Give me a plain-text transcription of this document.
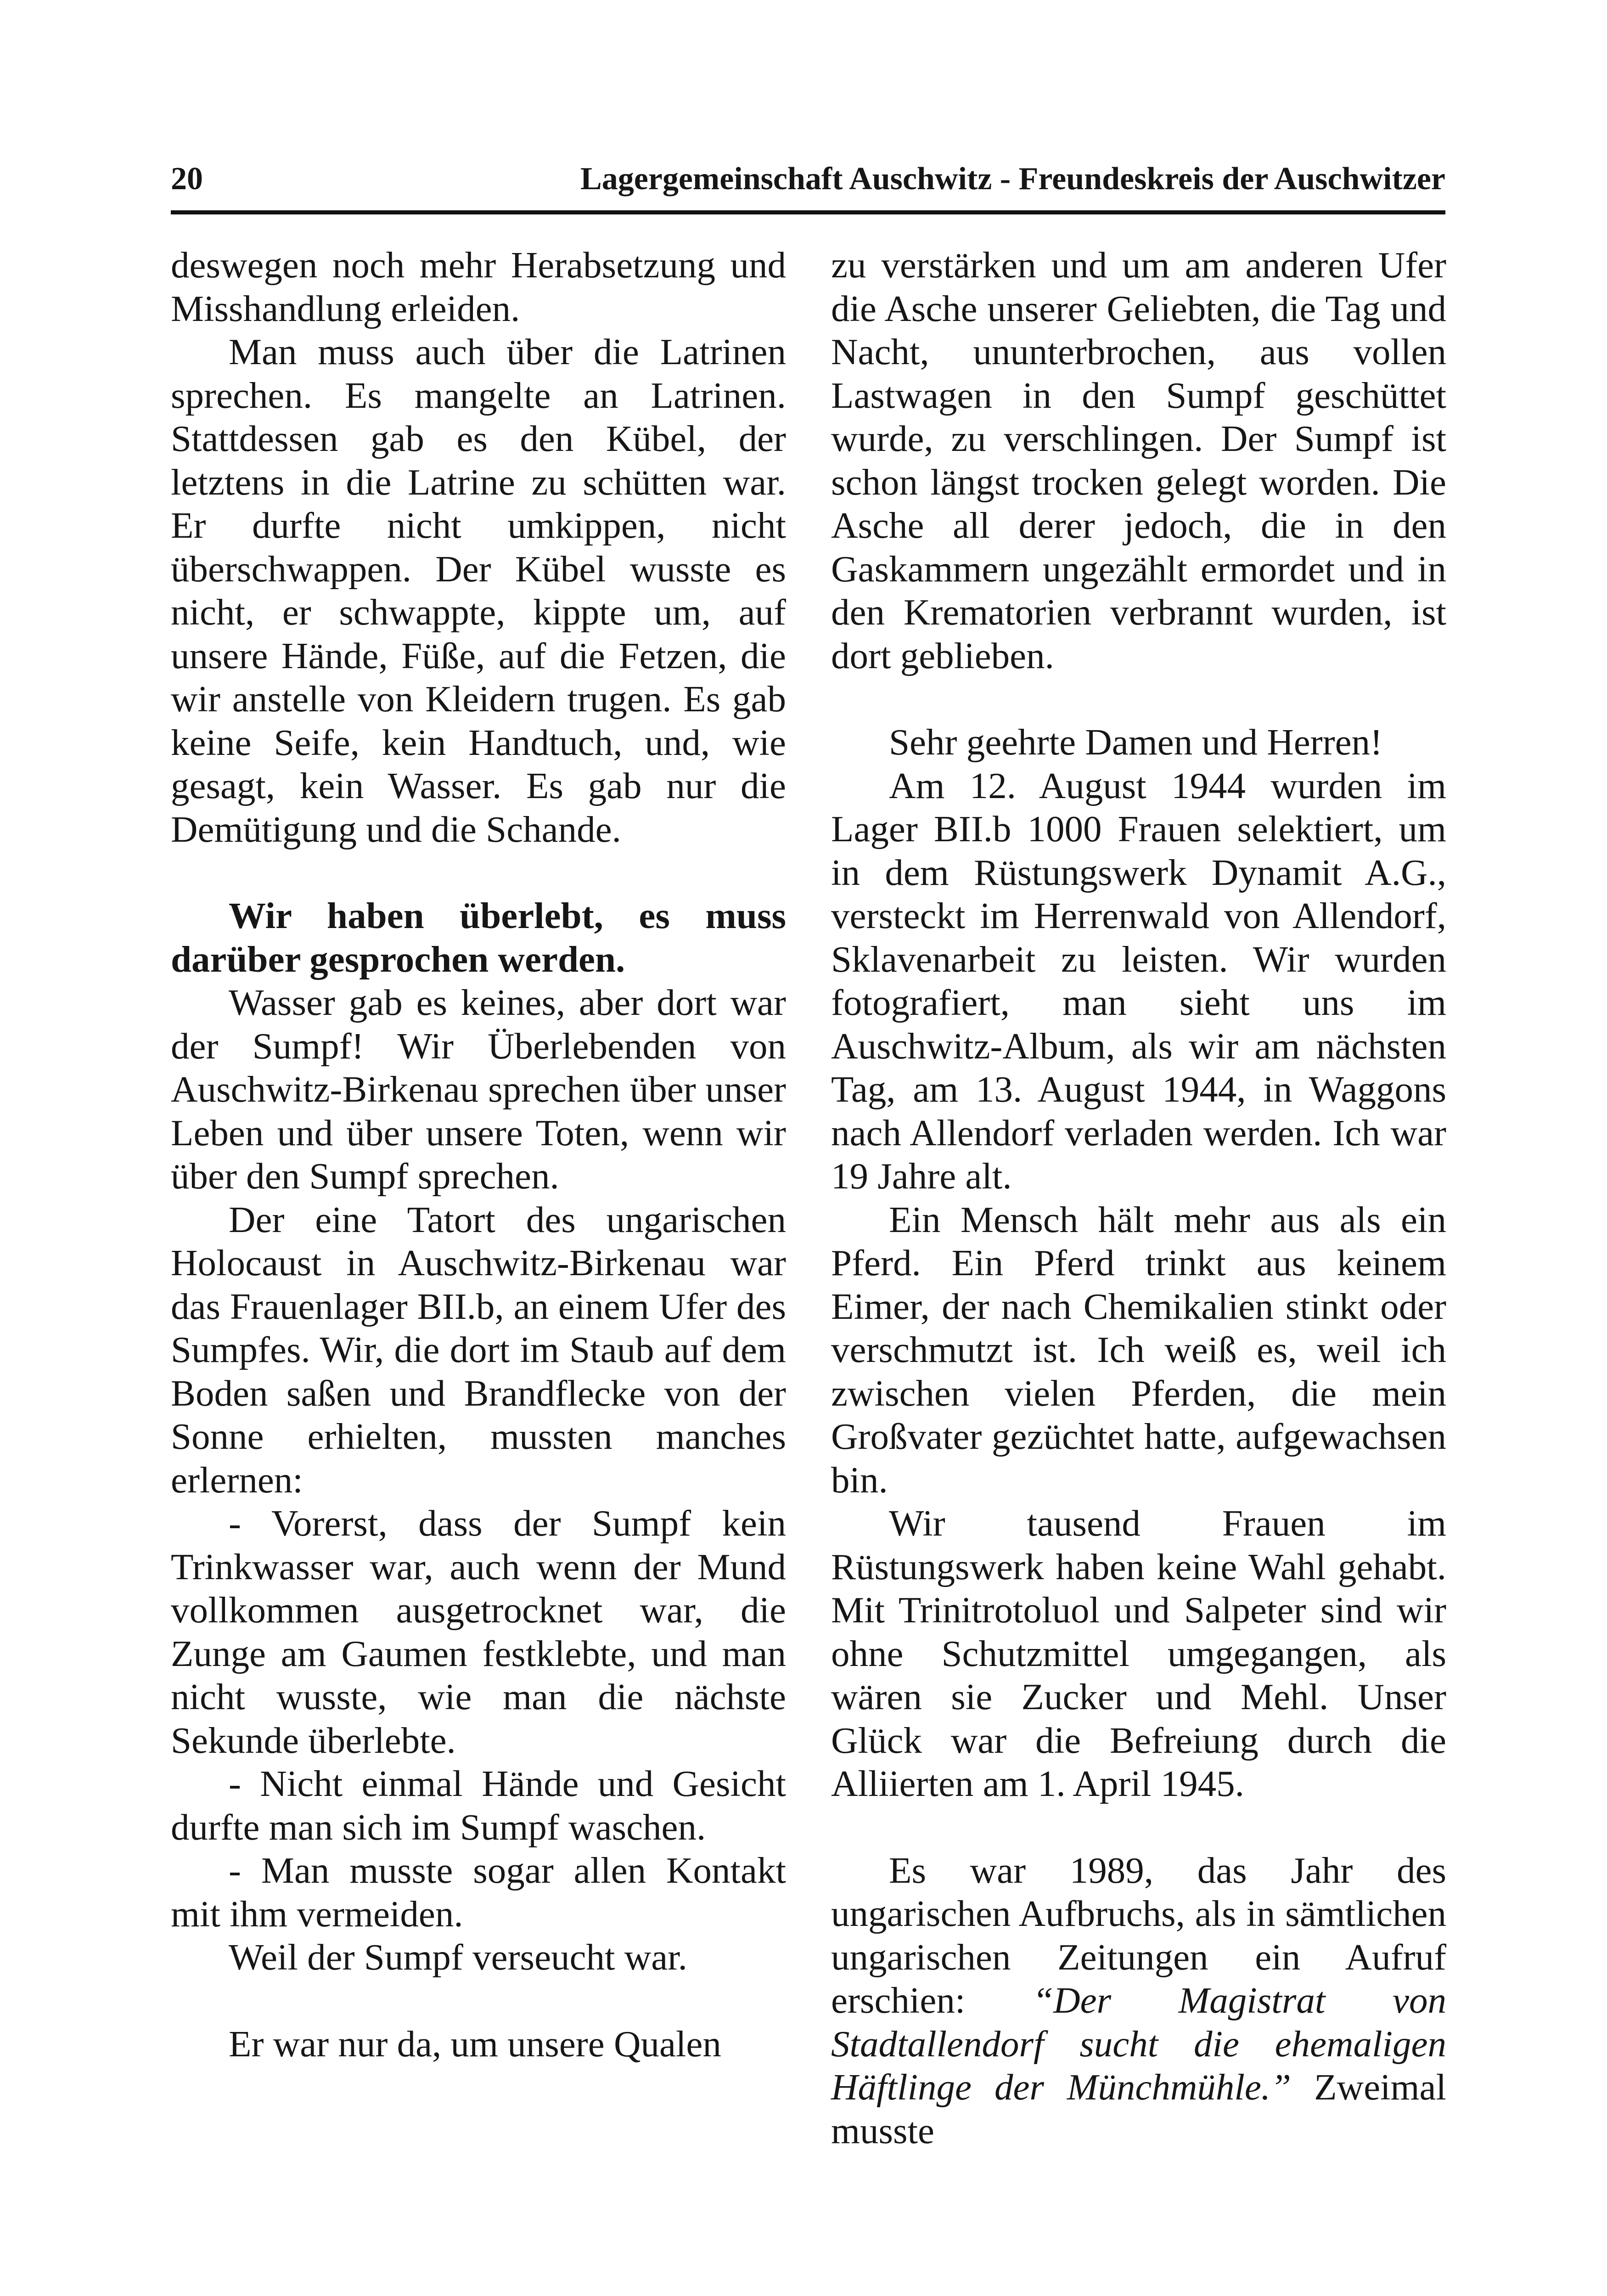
20	Lagergemeinschaft Auschwitz - Freundeskreis der Auschwitzer

deswegen noch mehr Herabsetzung und Misshandlung erleiden.

Man muss auch über die Latrinen sprechen. Es mangelte an Latrinen. Stattdessen gab es den Kübel, der letztens in die Latrine zu schütten war. Er durfte nicht umkippen, nicht überschwappen. Der Kübel wusste es nicht, er schwappte, kippte um, auf unsere Hände, Füße, auf die Fetzen, die wir anstelle von Kleidern trugen. Es gab keine Seife, kein Handtuch, und, wie gesagt, kein Wasser. Es gab nur die Demütigung und die Schande.

Wir haben überlebt, es muss darüber gesprochen werden.

Wasser gab es keines, aber dort war der Sumpf! Wir Überlebenden von Auschwitz-Birkenau sprechen über unser Leben und über unsere Toten, wenn wir über den Sumpf sprechen.

Der eine Tatort des ungarischen Holocaust in Auschwitz-Birkenau war das Frauenlager BII.b, an einem Ufer des Sumpfes. Wir, die dort im Staub auf dem Boden saßen und Brandflecke von der Sonne erhielten, mussten manches erlernen:

- Vorerst, dass der Sumpf kein Trinkwasser war, auch wenn der Mund vollkommen ausgetrocknet war, die Zunge am Gaumen festklebte, und man nicht wusste, wie man die nächste Sekunde überlebte.

- Nicht einmal Hände und Gesicht durfte man sich im Sumpf waschen.

- Man musste sogar allen Kontakt mit ihm vermeiden.

Weil der Sumpf verseucht war.

Er war nur da, um unsere Qualen

zu verstärken und um am anderen Ufer die Asche unserer Geliebten, die Tag und Nacht, ununterbrochen, aus vollen Lastwagen in den Sumpf geschüttet wurde, zu verschlingen. Der Sumpf ist schon längst trocken gelegt worden. Die Asche all derer jedoch, die in den Gaskammern ungezählt ermordet und in den Krematorien verbrannt wurden, ist dort geblieben.

Sehr geehrte Damen und Herren!

Am 12. August 1944 wurden im Lager BII.b 1000 Frauen selektiert, um in dem Rüstungswerk Dynamit A.G., versteckt im Herrenwald von Allendorf, Sklavenarbeit zu leisten. Wir wurden fotografiert, man sieht uns im Auschwitz-Album, als wir am nächsten Tag, am 13. August 1944, in Waggons nach Allendorf verladen werden. Ich war 19 Jahre alt.

Ein Mensch hält mehr aus als ein Pferd. Ein Pferd trinkt aus keinem Eimer, der nach Chemikalien stinkt oder verschmutzt ist. Ich weiß es, weil ich zwischen vielen Pferden, die mein Großvater gezüchtet hatte, aufgewachsen bin.

Wir tausend Frauen im Rüstungswerk haben keine Wahl gehabt. Mit Trinitrotoluol und Salpeter sind wir ohne Schutzmittel umgegangen, als wären sie Zucker und Mehl. Unser Glück war die Befreiung durch die Alliierten am 1. April 1945.

Es war 1989, das Jahr des ungarischen Aufbruchs, als in sämtlichen ungarischen Zeitungen ein Aufruf erschien: “Der Magistrat von Stadtallendorf sucht die ehemaligen Häftlinge der Münchmühle.” Zweimal musste
